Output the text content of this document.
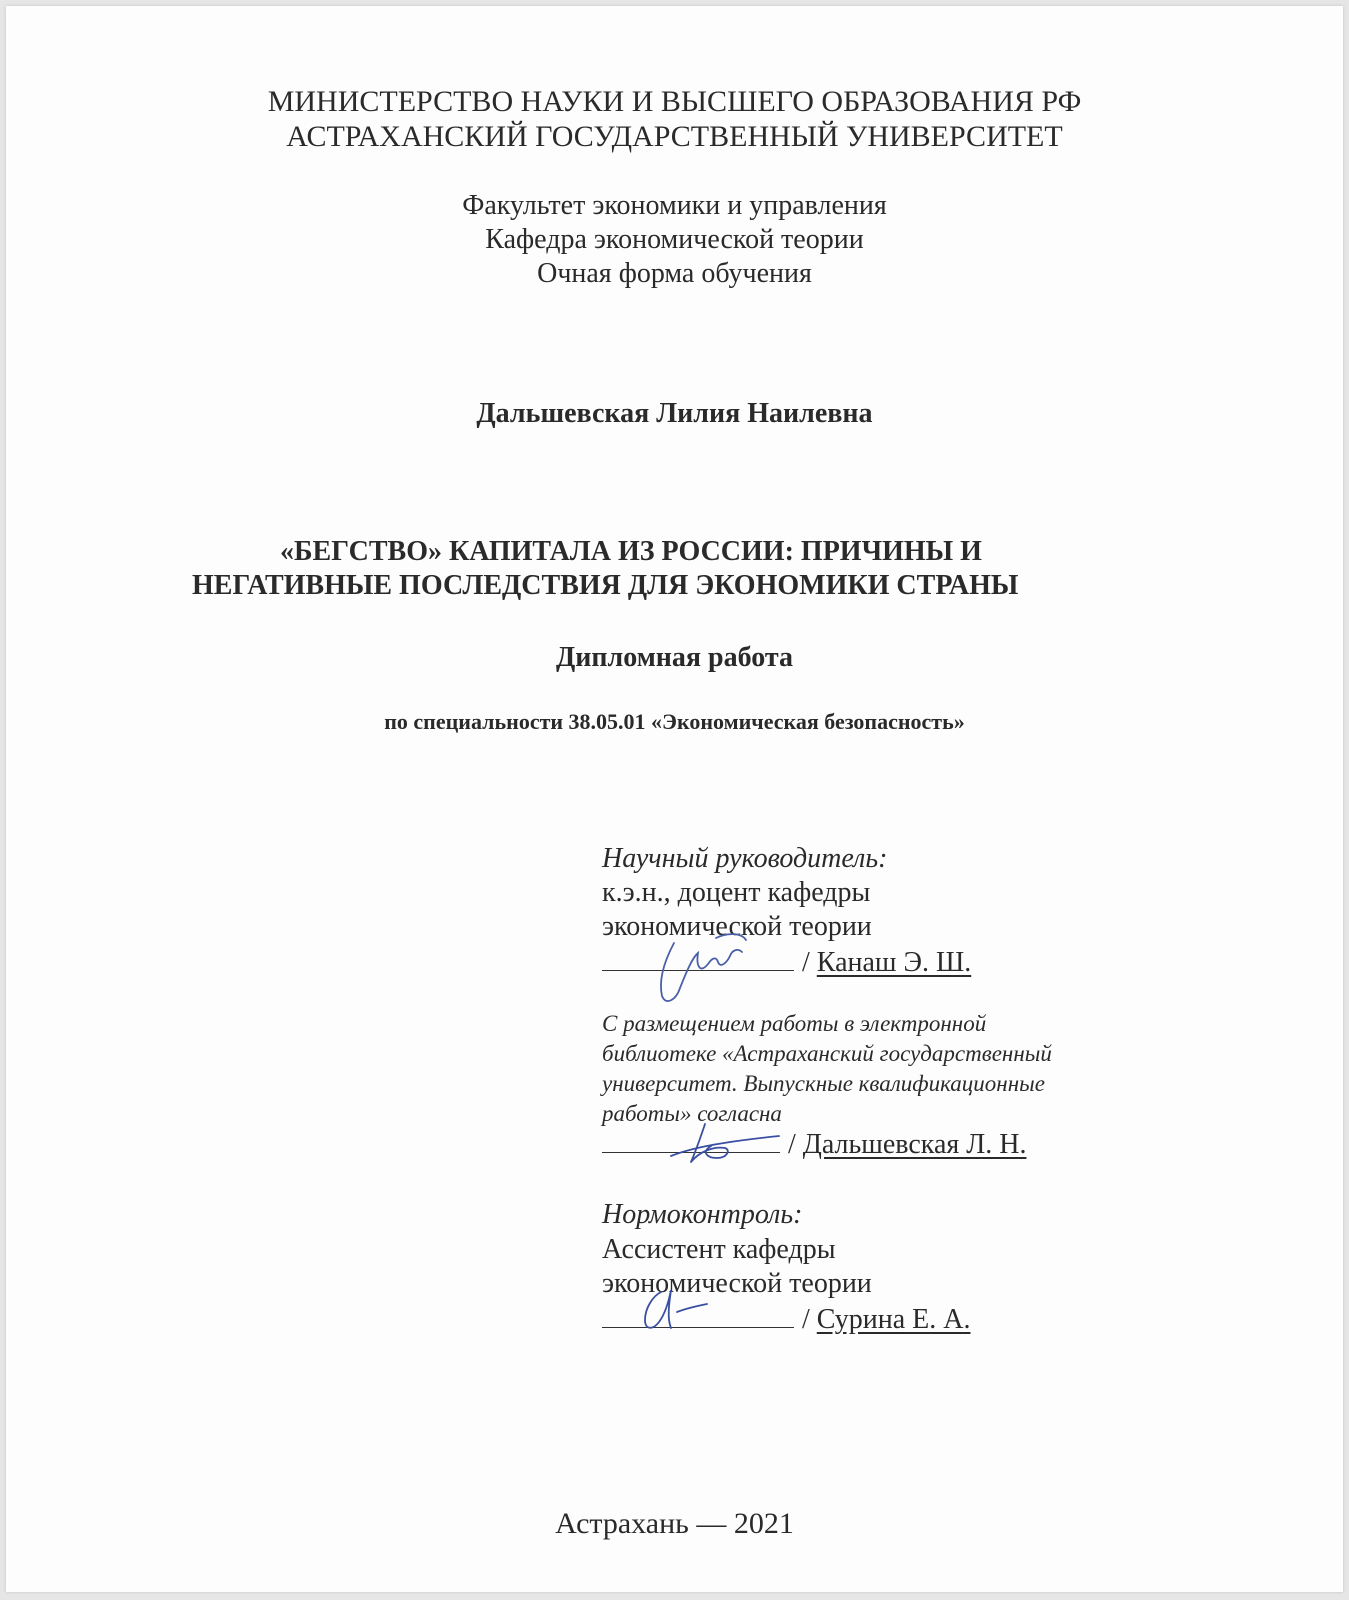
МИНИСТЕРСТВО НАУКИ И ВЫСШЕГО ОБРАЗОВАНИЯ РФ
АСТРАХАНСКИЙ ГОСУДАРСТВЕННЫЙ УНИВЕРСИТЕТ
Факультет экономики и управления
Кафедра экономической теории
Очная форма обучения
Дальшевская Лилия Наилевна
«БЕГСТВО» КАПИТАЛА ИЗ РОССИИ: ПРИЧИНЫ И
НЕГАТИВНЫЕ ПОСЛЕДСТВИЯ ДЛЯ ЭКОНОМИКИ СТРАНЫ
Дипломная работа
по специальности 38.05.01 «Экономическая безопасность»
Научный руководитель:
к.э.н., доцент кафедры
экономической теории
/ Канаш Э. Ш.
С размещением работы в электронной
библиотеке «Астраханский государственный
университет. Выпускные квалификационные
работы» согласна
/ Дальшевская Л. Н.
Нормоконтроль:
Ассистент кафедры
экономической теории
/ Сурина Е. А.
Астрахань — 2021
